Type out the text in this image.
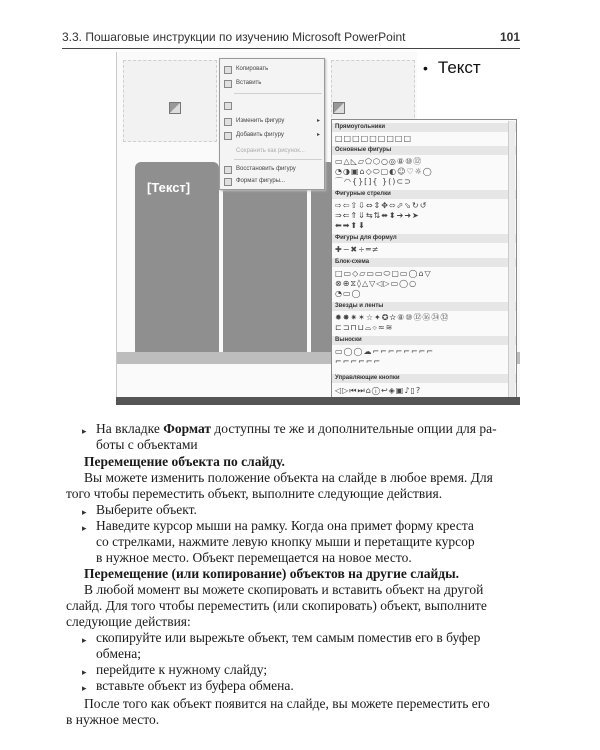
3.3. Пошаговые инструкции по изучению Microsoft PowerPoint	101
• Текст
[Текст]
Копировать
Вставить
Изменить фигуру	▸
Добавить фигуру	▸
Сохранить как рисунок...
Восстановить фигуру
Формат фигуры...
Прямоугольники
□□□□□□□□□
Основные фигуры
▭△◺▱⬠⬡○◎⑧⑩⑫
◔◑▣⌂◇⬭▢◐☺♡☼◯
⌒◠{}[]{ }()⊂⊃
Фигурные стрелки
⇨⇦⇧⇩⇔⇕✥⬄⬀⬂↻↺
⇒⇐⇑⇓⇆⇅⬌⬍➔➜➤
⬅➡⬆⬇
Фигуры для формул
✚−✖÷═≠
Блок-схема
□▭◇▱▭▭⬭▢▭◯⌂▽
⊗⊕⧖◊△▽◁▷▭◯○
◔▭◯
Звезды и ленты
✹✸✷✶☆✦✪✫⑧⑩⑫⑯㉔㉜
⊏⊐⊓⊔⌓⌔≈≋
Выноски
▭◯◯☁⌐⌐⌐⌐⌐⌐⌐⌐
⌐⌐⌐⌐⌐⌐
Управляющие кнопки
◁▷⏮⏭⌂ⓘ↩◈▣♪▯?
▸ На вкладке Формат доступны те же и дополнительные опции для ра-
боты с объектами
Перемещение объекта по слайду.
Вы можете изменить положение объекта на слайде в любое время. Для
того чтобы переместить объект, выполните следующие действия.
▸ Выберите объект.
▸ Наведите курсор мыши на рамку. Когда она примет форму креста
со стрелками, нажмите левую кнопку мыши и перетащите курсор
в нужное место. Объект перемещается на новое место.
Перемещение (или копирование) объектов на другие слайды.
В любой момент вы можете скопировать и вставить объект на другой
слайд. Для того чтобы переместить (или скопировать) объект, выполните
следующие действия:
▸ скопируйте или вырежьте объект, тем самым поместив его в буфер
обмена;
▸ перейдите к нужному слайду;
▸ вставьте объект из буфера обмена.
После того как объект появится на слайде, вы можете переместить его
в нужное место.
